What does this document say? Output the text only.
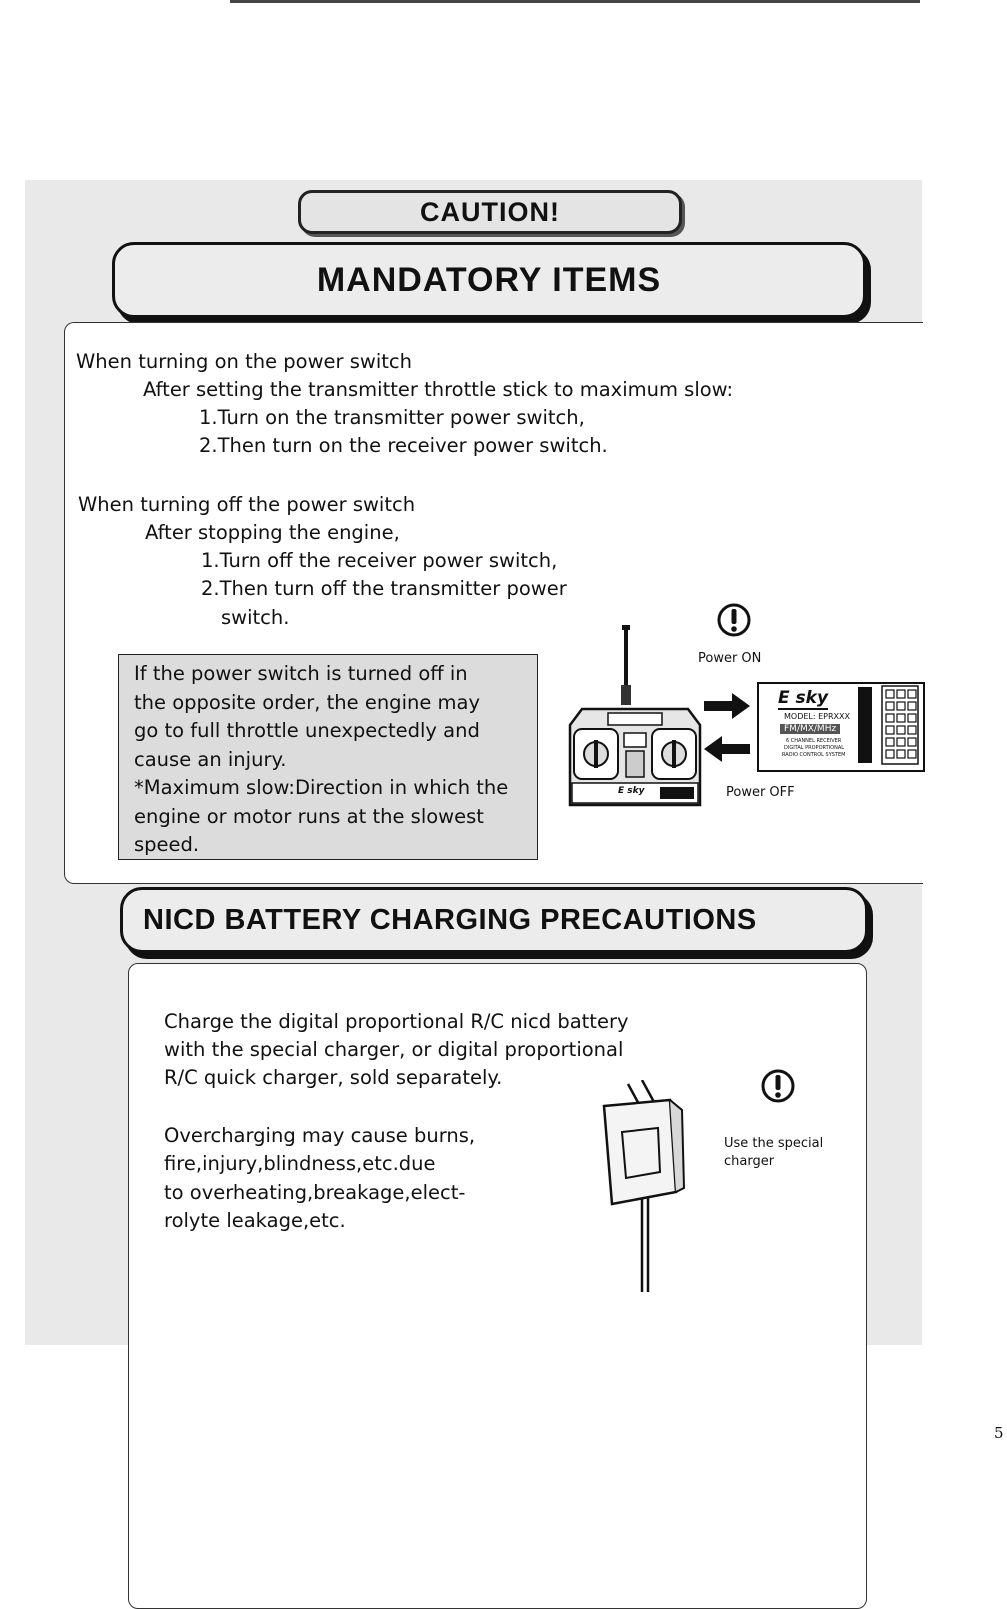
CAUTION!
MANDATORY ITEMS
When turning on the power switch
After setting the transmitter throttle stick to maximum slow:
1.Turn on the transmitter power switch,
2.Then turn on the receiver power switch.
When turning off the power switch
After stopping the engine,
1.Turn off the receiver power switch,
2.Then turn off the transmitter power
switch.
If the power switch is turned off in
the opposite order, the engine may
go to full throttle unexpectedly and
cause an injury.
*Maximum slow:Direction in which the
engine or motor runs at the slowest
speed.
Power ON
E sky
E sky
MODEL: EPRXXX
FM/MX/MHz
6 CHANNEL RECEIVER
DIGITAL PROPORTIONAL
RADIO CONTROL SYSTEM
Power OFF
NICD BATTERY CHARGING PRECAUTIONS
Charge the digital proportional R/C nicd battery
with the special charger, or digital proportional
R/C quick charger, sold separately.
Overcharging may cause burns,
fire,injury,blindness,etc.due
to overheating,breakage,elect-
rolyte leakage,etc.
Use the special
charger
5
